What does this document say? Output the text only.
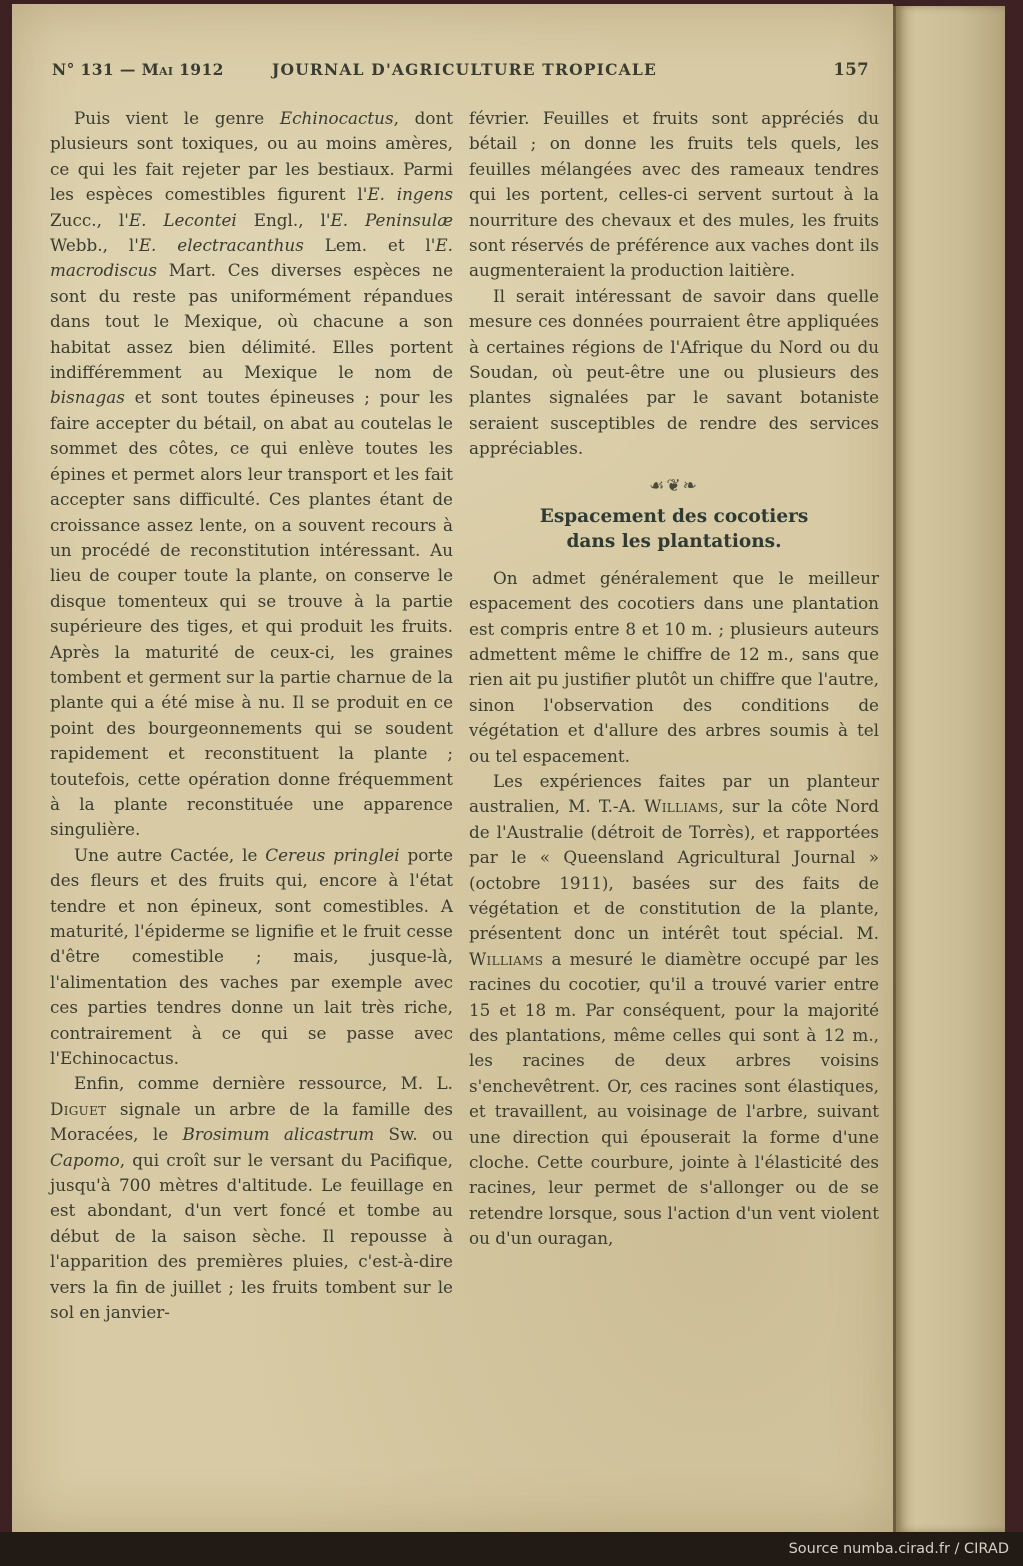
N° 131 — Mai 1912	JOURNAL D'AGRICULTURE TROPICALE	157

Puis vient le genre Echinocactus, dont plusieurs sont toxiques, ou au moins amères, ce qui les fait rejeter par les bestiaux. Parmi les espèces comestibles figurent l'E. ingens Zucc., l'E. Lecontei Engl., l'E. Peninsulæ Webb., l'E. electracanthus Lem. et l'E. macrodiscus Mart. Ces diverses espèces ne sont du reste pas uniformément répandues dans tout le Mexique, où chacune a son habitat assez bien délimité. Elles portent indifféremment au Mexique le nom de bisnagas et sont toutes épineuses ; pour les faire accepter du bétail, on abat au coutelas le sommet des côtes, ce qui enlève toutes les épines et permet alors leur transport et les fait accepter sans difficulté. Ces plantes étant de croissance assez lente, on a souvent recours à un procédé de reconstitution intéressant. Au lieu de couper toute la plante, on conserve le disque tomenteux qui se trouve à la partie supérieure des tiges, et qui produit les fruits. Après la maturité de ceux-ci, les graines tombent et germent sur la partie charnue de la plante qui a été mise à nu. Il se produit en ce point des bourgeonnements qui se soudent rapidement et reconstituent la plante ; toutefois, cette opération donne fréquemment à la plante reconstituée une apparence singulière.

Une autre Cactée, le Cereus pringlei porte des fleurs et des fruits qui, encore à l'état tendre et non épineux, sont comestibles. A maturité, l'épiderme se lignifie et le fruit cesse d'être comestible ; mais, jusque-là, l'alimentation des vaches par exemple avec ces parties tendres donne un lait très riche, contrairement à ce qui se passe avec l'Echinocactus.

Enfin, comme dernière ressource, M. L. Diguet signale un arbre de la famille des Moracées, le Brosimum alicastrum Sw. ou Capomo, qui croît sur le versant du Pacifique, jusqu'à 700 mètres d'altitude. Le feuillage en est abondant, d'un vert foncé et tombe au début de la saison sèche. Il repousse à l'apparition des premières pluies, c'est-à-dire vers la fin de juillet ; les fruits tombent sur le sol en janvier-

février. Feuilles et fruits sont appréciés du bétail ; on donne les fruits tels quels, les feuilles mélangées avec des rameaux tendres qui les portent, celles-ci servent surtout à la nourriture des chevaux et des mules, les fruits sont réservés de préférence aux vaches dont ils augmenteraient la production laitière.

Il serait intéressant de savoir dans quelle mesure ces données pourraient être appliquées à certaines régions de l'Afrique du Nord ou du Soudan, où peut-être une ou plusieurs des plantes signalées par le savant botaniste seraient susceptibles de rendre des services appréciables.

☙❦❧
Espacement des cocotiers
dans les plantations.

On admet généralement que le meilleur espacement des cocotiers dans une plantation est compris entre 8 et 10 m. ; plusieurs auteurs admettent même le chiffre de 12 m., sans que rien ait pu justifier plutôt un chiffre que l'autre, sinon l'observation des conditions de végétation et d'allure des arbres soumis à tel ou tel espacement.

Les expériences faites par un planteur australien, M. T.-A. Williams, sur la côte Nord de l'Australie (détroit de Torrès), et rapportées par le « Queensland Agricultural Journal » (octobre 1911), basées sur des faits de végétation et de constitution de la plante, présentent donc un intérêt tout spécial. M. Williams a mesuré le diamètre occupé par les racines du cocotier, qu'il a trouvé varier entre 15 et 18 m. Par conséquent, pour la majorité des plantations, même celles qui sont à 12 m., les racines de deux arbres voisins s'enchevêtrent. Or, ces racines sont élastiques, et travaillent, au voisinage de l'arbre, suivant une direction qui épouserait la forme d'une cloche. Cette courbure, jointe à l'élasticité des racines, leur permet de s'allonger ou de se retendre lorsque, sous l'action d'un vent violent ou d'un ouragan,

Source numba.cirad.fr / CIRAD
